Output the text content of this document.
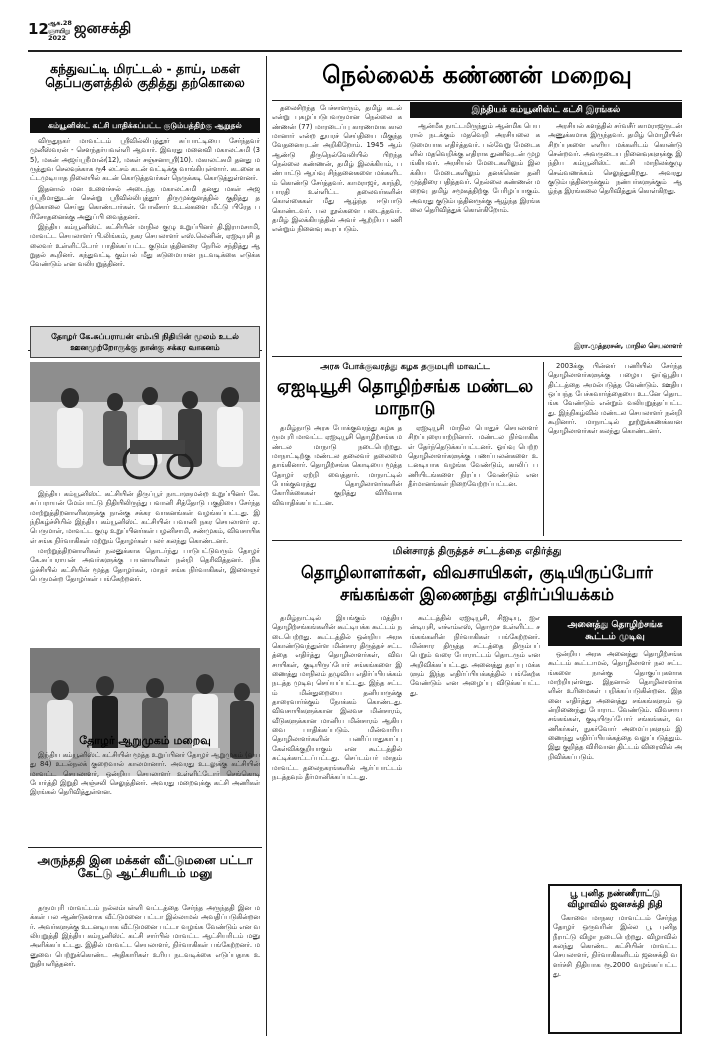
12 ஆக.28
ஞாயிறு
2022
ஜனசக்தி
கந்துவட்டி மிரட்டல் - தாய், மகள் தெப்பகுளத்தில் குதித்து தற்கொலை
கம்யூனிஸ்ட் கட்சி பாதிக்கப்பட்ட குடும்பத்திற்கு ஆறுதல்

விருதுநகர் மாவட்டம் ஸ்ரீவில்லிபுத்தூர் சுப்பாட்டியை சேர்ந்தவர் முனீஸ்வரன் - சௌந்தர்யவள்ளி ஆவார். இவரது மனைவி மகாலட்சுமி (35), மகன் அஜய்ஸ்ரீமான்(12), மகள் சஞ்சனாஸ்ரீ(10). மகாலட்சுமி தனது மருத்துவ செலவுக்காக ரூ4 லட்சம் கடன் வட்டிக்கு வாங்கியுள்ளார். கடனை கட்டமுடியாத நிலையில் கடன் கொடுத்தவர்கள் நெருக்கடி கொடுத்துள்ளனர்.

இதனால் மன உளைச்சல் அடைந்த மகாலட்சுமி தனது மகள் அஜய்ஸ்ரீமானுடன் சென்று ஸ்ரீவில்லிபுத்தூர் திருமுக்குளத்தில் குதித்து தற்கொலை செய்து கொண்டார்கள். போலீசார் உடல்களை மீட்டு பிரேத பரிசோதனைக்கு அனுப்பி வைத்தனர்.

இந்திய கம்யூனிஸ்ட் கட்சியின் மாநில குழு உறுப்பினர் தி.இராமசாமி, மாவட்ட செயலாளர் பி.லிங்கம், நகர செயலாளர் எஸ்.லெனின், ஏஐடியுசி தலைவர் உள்ளிட்டோர் பாதிக்கப்பட்ட குடும்பத்தினரை நேரில் சந்தித்து ஆறுதல் கூறினர். கந்துவட்டி கும்பல் மீது கடுமையான நடவடிக்கை எடுக்க வேண்டும் என வலியுறுத்தினர்.

தோழர் கே.சுப்பராயன் எம்.பி நிதியின் மூலம் உடல் ஊனமுற்றோருக்கு நான்கு சக்கர வாகனம்

இந்திய கம்யூனிஸ்ட் கட்சியின் திருப்பூர் நாடாளுமன்ற உறுப்பினர் கே.சுப்பராயன் மேம்பாட்டு நிதியிலிருந்து பவானி சித்தோடு பகுதியை சேர்ந்த மாற்றுத்திறனாளிகளுக்கு நான்கு சக்கர வாகனங்கள் வழங்கப்பட்டது. இந்நிகழ்ச்சியில் இந்திய கம்யூனிஸ்ட் கட்சியின் பவானி நகர செயலாளர் ஏ.பெருமாள், மாவட்ட குழு உறுப்பினர்கள் பழனிசாமி, சண்முகம், விவசாயிகள் சங்க நிர்வாகிகள் மற்றும் தோழர்கள் பலர் கலந்து கொண்டனர்.

மாற்றுத்திறனாளிகள் நலனுக்காக தொடர்ந்து பாடுபட்டுவரும் தோழர் கே.சுப்பராயன் அவர்களுக்கு பயனாளிகள் நன்றி தெரிவித்தனர். நிகழ்ச்சியில் கட்சியின் மூத்த தோழர்கள், மாதர் சங்க நிர்வாகிகள், இளைஞர் பெருமன்ற தோழர்கள் பங்கேற்றனர்.

தோழர் ஆறுமுகம் மறைவு

இந்திய கம்யூனிஸ்ட் கட்சியின் மூத்த உறுப்பினர் தோழர் ஆறுமுகம் (வயது 84) உடல்நலக் குறைவால் காலமானார். அவரது உடலுக்கு கட்சியின் மாவட்ட செயலாளர், ஒன்றிய செயலாளர் உள்ளிட்டோர் செங்கொடி போர்த்தி இறுதி அஞ்சலி செலுத்தினர். அவரது மறைவுக்கு கட்சி அணிகள் இரங்கல் தெரிவித்துள்ளன.

அருந்ததி இன மக்கள் வீட்டுமனை பட்டா கேட்டு ஆட்சியரிடம் மனு

தருமபுரி மாவட்டம் நல்லம்பள்ளி வட்டத்தை சேர்ந்த அருந்ததி இன மக்கள் பல ஆண்டுகளாக வீட்டுமனை பட்டா இல்லாமல் அவதிப்படுகின்றனர். அவர்களுக்கு உடனடியாக வீட்டுமனை பட்டா வழங்க வேண்டும் என வலியுறுத்தி இந்திய கம்யூனிஸ்ட் கட்சி சார்பில் மாவட்ட ஆட்சியரிடம் மனு அளிக்கப்பட்டது. இதில் மாவட்ட செயலாளர், நிர்வாகிகள் பங்கேற்றனர். மனுவை பெற்றுக்கொண்ட அதிகாரிகள் உரிய நடவடிக்கை எடுப்பதாக உறுதியளித்தனர்.

நெல்லைக் கண்ணன் மறைவு
இந்தியக் கம்யூனிஸ்ட் கட்சி இரங்கல்

தலைசிறந்த பேச்சாளரும், தமிழ் கடல் என்று புகழப்படுபவருமான நெல்லை கண்ணன் (77) மாரடைப்பு காரணமாக காலமானார் என்ற துயரச் செய்தியை மிகுந்த வேதனையுடன் அறிகிறோம். 1945 ஆம் ஆண்டு திருநெல்வேலியில் பிறந்த நெல்லை கண்ணன், தமிழ் இலக்கியம், பண்பாட்டு ஆய்வு சிந்தனைகளை மக்களிடம் கொண்டு சேர்த்தவர். காமராஜர், காந்தி, பாரதி உள்ளிட்ட தலைவர்களின் கொள்கைகள் மீது ஆழ்ந்த ஈடுபாடு கொண்டவர். பல நூல்களை படைத்தவர். தமிழ் இலக்கியத்தில் அவர் ஆற்றிய பணி என்றும் நினைவு கூரப்படும்.

ஆன்மீக நாட்டமிருந்தும் ஆன்மிக பெயரால் நடக்கும் மதவெறி அரசியலை கடுமையாக எதிர்த்தவர். பல்வேறு மேடைகளில் மதவெறிக்கு எதிராக துணிவுடன் முழங்கியவர். அரசியல் மேடைகளிலும் இலக்கிய மேடைகளிலும் தனக்கென தனி முத்திரை பதித்தவர். நெல்லை கண்ணன் மறைவு தமிழ் சமூகத்திற்கு பேரிழப்பாகும். அவரது குடும்பத்தினருக்கு ஆழ்ந்த இரங்கலை தெரிவித்துக் கொள்கிறோம்.

அரசியல் களத்தில் சர்வசீர் காமராஜருடன் அணுக்கமாக இருந்தவர். தமிழ் மொழியின் சிறப்புகளை எளிய மக்களிடம் கொண்டு சென்றவர். அவருடைய நினைவுகளுக்கு இந்திய கம்யூனிஸ்ட் கட்சி மாநிலக்குழு செவ்வணக்கம் செலுத்துகிறது. அவரது குடும்பத்தினருக்கும் நண்பர்களுக்கும் ஆழ்ந்த இரங்கலை தெரிவித்துக் கொள்கிறது.

இரா.முத்தரசன், மாநில செயலாளர்
அரசு போக்குவரத்து கழக தருமபுரி மாவட்ட
ஏஐடியூசி தொழிற்சங்க மண்டல மாநாடு

தமிழ்நாடு அரசு போக்குவரத்து கழக தருமபுரி மாவட்ட ஏஐடியூசி தொழிற்சங்க மண்டல மாநாடு நடைபெற்றது. மாநாட்டிற்கு மண்டல தலைவர் தலைமை தாங்கினார். தொழிற்சங்க கொடியை மூத்த தோழர் ஏற்றி வைத்தார். மாநாட்டில் போக்குவரத்து தொழிலாளர்களின் கோரிக்கைகள் குறித்து விரிவாக விவாதிக்கப்பட்டன.

ஏஐடியூசி மாநில பொதுச் செயலாளர் சிறப்புரையாற்றினார். மண்டல நிர்வாகிகள் தேர்ந்தெடுக்கப்பட்டனர். ஓய்வு பெற்ற தொழிலாளர்களுக்கு பணப்பலன்களை உடனடியாக வழங்க வேண்டும், காலிப் பணியிடங்களை நிரப்ப வேண்டும் என தீர்மானங்கள் நிறைவேற்றப்பட்டன.

2003க்கு பின்னர் பணியில் சேர்ந்த தொழிலாளர்களுக்கு பழைய ஓய்வூதிய திட்டத்தை அமல்படுத்த வேண்டும். ஊதிய ஒப்பந்த பேச்சுவார்த்தையை உடனே தொடங்க வேண்டும் என்றும் வலியுறுத்தப்பட்டது. இந்நிகழ்வில் மண்டல செயலாளர் நன்றி கூறினார். மாநாட்டில் நூற்றுக்கணக்கான தொழிலாளர்கள் கலந்து கொண்டனர்.

மின்சாரத் திருத்தச் சட்டத்தை எதிர்த்து
தொழிலாளர்கள், விவசாயிகள், குடியிருப்போர் சங்கங்கள் இணைந்து எதிர்ப்பியக்கம்

தமிழ்நாட்டில் இயங்கும் மத்திய தொழிற்சங்கங்களின் கூட்டியக்க கூட்டம் நடைபெற்றது. கூட்டத்தில் ஒன்றிய அரசு கொண்டுவந்துள்ள மின்சார திருத்தச் சட்டத்தை எதிர்த்து தொழிலாளர்கள், விவசாயிகள், குடியிருப்போர் சங்கங்களை இணைத்து மாநிலம் தழுவிய எதிர்ப்பியக்கம் நடத்த முடிவு செய்யப்பட்டது. இந்த சட்டம் மின்துறையை தனியாருக்கு தாரைவார்க்கும் நோக்கம் கொண்டது. விவசாயிகளுக்கான இலவச மின்சாரம், வீடுகளுக்கான மானிய மின்சாரம் ஆகியவை பாதிக்கப்படும். மின்வாரிய தொழிலாளர்களின் பணிப்பாதுகாப்பு கேள்விக்குறியாகும் என கூட்டத்தில் சுட்டிக்காட்டப்பட்டது. செப்டம்பர் மாதம் மாவட்ட தலைநகரங்களில் ஆர்ப்பாட்டம் நடத்தவும் தீர்மானிக்கப்பட்டது.

கூட்டத்தில் ஏஐடியூசி, சிஐடியு, ஐஎன்டியுசி, எச்எம்எஸ், தொமுச உள்ளிட்ட சங்கங்களின் நிர்வாகிகள் பங்கேற்றனர். மின்சார திருத்த சட்டத்தை திரும்பப் பெறும் வரை போராட்டம் தொடரும் என அறிவிக்கப்பட்டது. அனைத்து தரப்பு மக்களும் இந்த எதிர்ப்பியக்கத்தில் பங்கேற்க வேண்டும் என அழைப்பு விடுக்கப்பட்டது.

அனைத்து தொழிற்சங்க கூட்டம் முடிவு

ஒன்றிய அரசு அனைத்து தொழிற்சங்க கூட்டம் கூட்டாமல், தொழிலாளர் நல சட்டங்களை நான்கு தொகுப்புகளாக மாற்றியுள்ளது. இதனால் தொழிலாளர்களின் உரிமைகள் பறிக்கப்படுகின்றன. இதனை எதிர்த்து அனைத்து சங்கங்களும் ஒன்றிணைந்து போராட வேண்டும். விவசாய சங்கங்கள், குடியிருப்போர் சங்கங்கள், வணிகர்கள், நுகர்வோர் அமைப்புகளும் இணைந்து எதிர்ப்பியக்கத்தை வலுப்படுத்தும். இது குறித்த விரிவான திட்டம் விரைவில் அறிவிக்கப்படும்.

பூ புனித நண்ணீராட்டு விழாவில் ஜனசக்தி நிதி

கோவை மாநகர மாவட்டம் சேர்ந்த தோழர் ஒருவரின் இல்ல பூ புனித நீராட்டு விழா நடைபெற்றது. விழாவில் கலந்து கொண்ட கட்சியின் மாவட்ட செயலாளர், நிர்வாகிகளிடம் ஜனசக்தி வளர்ச்சி நிதியாக ரூ.2000 வழங்கப்பட்டது.
